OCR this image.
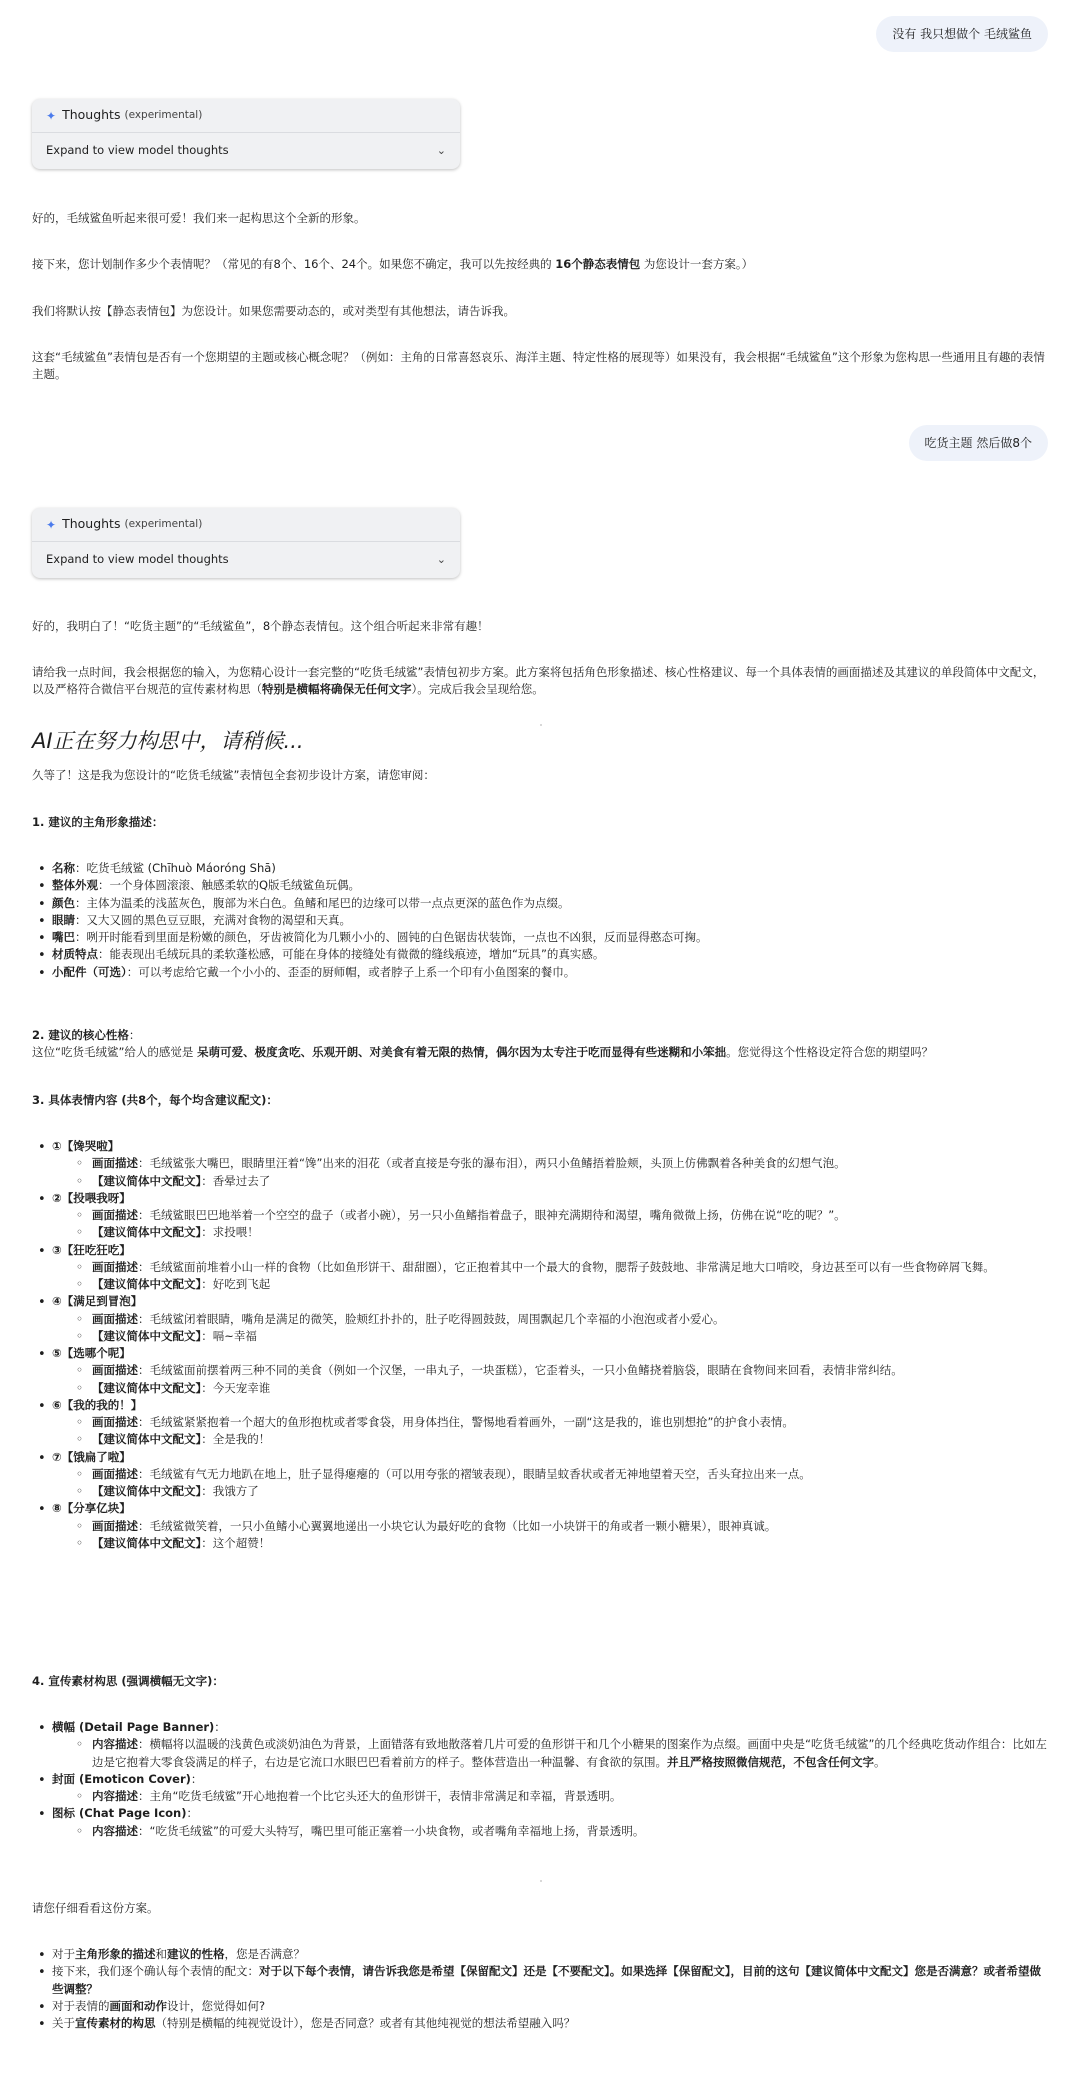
没有 我只想做个 毛绒鲨鱼
✦ Thoughts (experimental)
Expand to view model thoughts	⌄

好的，毛绒鲨鱼听起来很可爱！我们来一起构思这个全新的形象。

接下来，您计划制作多少个表情呢？（常见的有8个、16个、24个。如果您不确定，我可以先按经典的 16个静态表情包 为您设计一套方案。）

我们将默认按【静态表情包】为您设计。如果您需要动态的，或对类型有其他想法，请告诉我。

这套“毛绒鲨鱼”表情包是否有一个您期望的主题或核心概念呢？（例如：主角的日常喜怒哀乐、海洋主题、特定性格的展现等）如果没有，我会根据“毛绒鲨鱼”这个形象为您构思一些通用且有趣的表情主题。

吃货主题 然后做8个
✦ Thoughts (experimental)
Expand to view model thoughts	⌄

好的，我明白了！“吃货主题”的“毛绒鲨鱼”，8个静态表情包。这个组合听起来非常有趣！

请给我一点时间，我会根据您的输入，为您精心设计一套完整的“吃货毛绒鲨”表情包初步方案。此方案将包括角色形象描述、核心性格建议、每一个具体表情的画面描述及其建议的单段简体中文配文，以及严格符合微信平台规范的宣传素材构思（特别是横幅将确保无任何文字）。完成后我会呈现给您。

AI正在努力构思中，请稍候...

久等了！这是我为您设计的“吃货毛绒鲨”表情包全套初步设计方案，请您审阅：

1. 建议的主角形象描述：

• 名称：吃货毛绒鲨 (Chīhuò Máoróng Shā)
• 整体外观：一个身体圆滚滚、触感柔软的Q版毛绒鲨鱼玩偶。
• 颜色：主体为温柔的浅蓝灰色，腹部为米白色。鱼鳍和尾巴的边缘可以带一点点更深的蓝色作为点缀。
• 眼睛：又大又圆的黑色豆豆眼，充满对食物的渴望和天真。
• 嘴巴：咧开时能看到里面是粉嫩的颜色，牙齿被简化为几颗小小的、圆钝的白色锯齿状装饰，一点也不凶狠，反而显得憨态可掬。
• 材质特点：能表现出毛绒玩具的柔软蓬松感，可能在身体的接缝处有微微的缝线痕迹，增加“玩具”的真实感。
• 小配件（可选）：可以考虑给它戴一个小小的、歪歪的厨师帽，或者脖子上系一个印有小鱼图案的餐巾。

2. 建议的核心性格：
这位“吃货毛绒鲨”给人的感觉是 呆萌可爱、极度贪吃、乐观开朗、对美食有着无限的热情，偶尔因为太专注于吃而显得有些迷糊和小笨拙。您觉得这个性格设定符合您的期望吗？

3. 具体表情内容 (共8个，每个均含建议配文)：

• ①【馋哭啦】
◦ 画面描述：毛绒鲨张大嘴巴，眼睛里汪着“馋”出来的泪花（或者直接是夸张的瀑布泪），两只小鱼鳍捂着脸颊，头顶上仿佛飘着各种美食的幻想气泡。
◦ 【建议简体中文配文】：香晕过去了
• ②【投喂我呀】
◦ 画面描述：毛绒鲨眼巴巴地举着一个空空的盘子（或者小碗），另一只小鱼鳍指着盘子，眼神充满期待和渴望，嘴角微微上扬，仿佛在说“吃的呢？”。
◦ 【建议简体中文配文】：求投喂！
• ③【狂吃狂吃】
◦ 画面描述：毛绒鲨面前堆着小山一样的食物（比如鱼形饼干、甜甜圈），它正抱着其中一个最大的食物，腮帮子鼓鼓地、非常满足地大口啃咬，身边甚至可以有一些食物碎屑飞舞。
◦ 【建议简体中文配文】：好吃到飞起
• ④【满足到冒泡】
◦ 画面描述：毛绒鲨闭着眼睛，嘴角是满足的微笑，脸颊红扑扑的，肚子吃得圆鼓鼓，周围飘起几个幸福的小泡泡或者小爱心。
◦ 【建议简体中文配文】：嗝~幸福
• ⑤【选哪个呢】
◦ 画面描述：毛绒鲨面前摆着两三种不同的美食（例如一个汉堡，一串丸子，一块蛋糕），它歪着头，一只小鱼鳍挠着脑袋，眼睛在食物间来回看，表情非常纠结。
◦ 【建议简体中文配文】：今天宠幸谁
• ⑥【我的我的！】
◦ 画面描述：毛绒鲨紧紧抱着一个超大的鱼形抱枕或者零食袋，用身体挡住，警惕地看着画外，一副“这是我的，谁也别想抢”的护食小表情。
◦ 【建议简体中文配文】：全是我的！
• ⑦【饿扁了啦】
◦ 画面描述：毛绒鲨有气无力地趴在地上，肚子显得瘪瘪的（可以用夸张的褶皱表现），眼睛呈蚊香状或者无神地望着天空，舌头耷拉出来一点。
◦ 【建议简体中文配文】：我饿方了
• ⑧【分享亿块】
◦ 画面描述：毛绒鲨微笑着，一只小鱼鳍小心翼翼地递出一小块它认为最好吃的食物（比如一小块饼干的角或者一颗小糖果），眼神真诚。
◦ 【建议简体中文配文】：这个超赞！

4. 宣传素材构思 (强调横幅无文字)：

• 横幅 (Detail Page Banner)：
◦ 内容描述：横幅将以温暖的浅黄色或淡奶油色为背景，上面错落有致地散落着几片可爱的鱼形饼干和几个小糖果的图案作为点缀。画面中央是“吃货毛绒鲨”的几个经典吃货动作组合：比如左边是它抱着大零食袋满足的样子，右边是它流口水眼巴巴看着前方的样子。整体营造出一种温馨、有食欲的氛围。并且严格按照微信规范，不包含任何文字。
• 封面 (Emoticon Cover)：
◦ 内容描述：主角“吃货毛绒鲨”开心地抱着一个比它头还大的鱼形饼干，表情非常满足和幸福，背景透明。
• 图标 (Chat Page Icon)：
◦ 内容描述：“吃货毛绒鲨”的可爱大头特写，嘴巴里可能正塞着一小块食物，或者嘴角幸福地上扬，背景透明。

请您仔细看看这份方案。

• 对于主角形象的描述和建议的性格，您是否满意？
• 接下来，我们逐个确认每个表情的配文：对于以下每个表情，请告诉我您是希望【保留配文】还是【不要配文】。如果选择【保留配文】，目前的这句【建议简体中文配文】您是否满意？或者希望做些调整？
• 对于表情的画面和动作设计，您觉得如何?
• 关于宣传素材的构思（特别是横幅的纯视觉设计），您是否同意？或者有其他纯视觉的想法希望融入吗？
